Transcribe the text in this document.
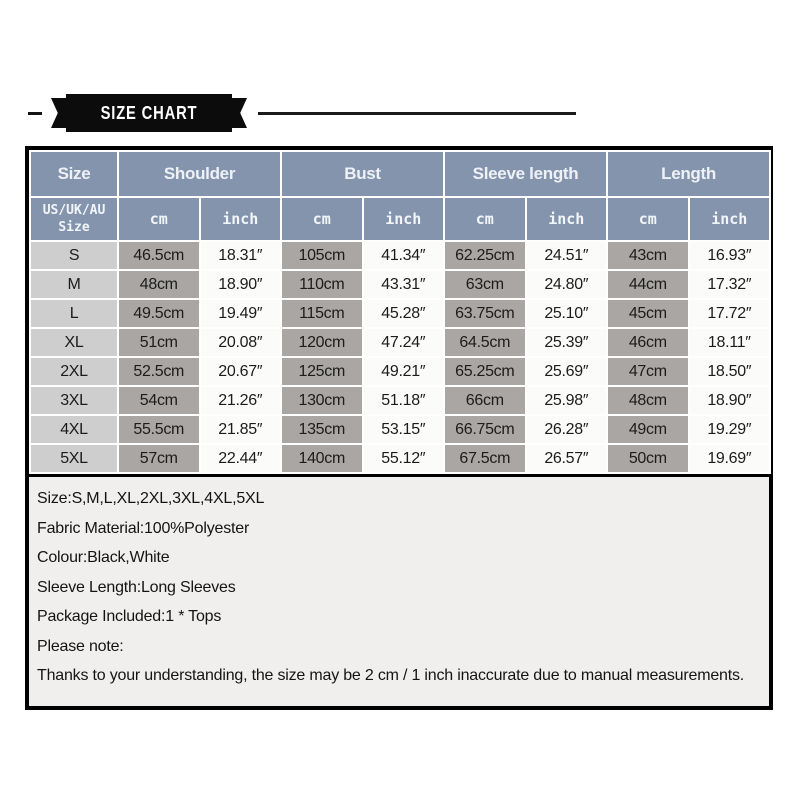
SIZE CHART
Size	Shoulder		Bust		Sleeve length		Length	
US/UK/AU Size	cm	inch	cm	inch	cm	inch	cm	inch
S	46.5cm	18.31″	105cm	41.34″	62.25cm	24.51″	43cm	16.93″
M	48cm	18.90″	110cm	43.31″	63cm	24.80″	44cm	17.32″
L	49.5cm	19.49″	115cm	45.28″	63.75cm	25.10″	45cm	17.72″
XL	51cm	20.08″	120cm	47.24″	64.5cm	25.39″	46cm	18.11″
2XL	52.5cm	20.67″	125cm	49.21″	65.25cm	25.69″	47cm	18.50″
3XL	54cm	21.26″	130cm	51.18″	66cm	25.98″	48cm	18.90″
4XL	55.5cm	21.85″	135cm	53.15″	66.75cm	26.28″	49cm	19.29″
5XL	57cm	22.44″	140cm	55.12″	67.5cm	26.57″	50cm	19.69″
Size:S,M,L,XL,2XL,3XL,4XL,5XL
Fabric Material:100%Polyester
Colour:Black,White
Sleeve Length:Long Sleeves
Package Included:1 * Tops
Please note:
Thanks to your understanding, the size may be 2 cm / 1 inch inaccurate due to manual measurements.
